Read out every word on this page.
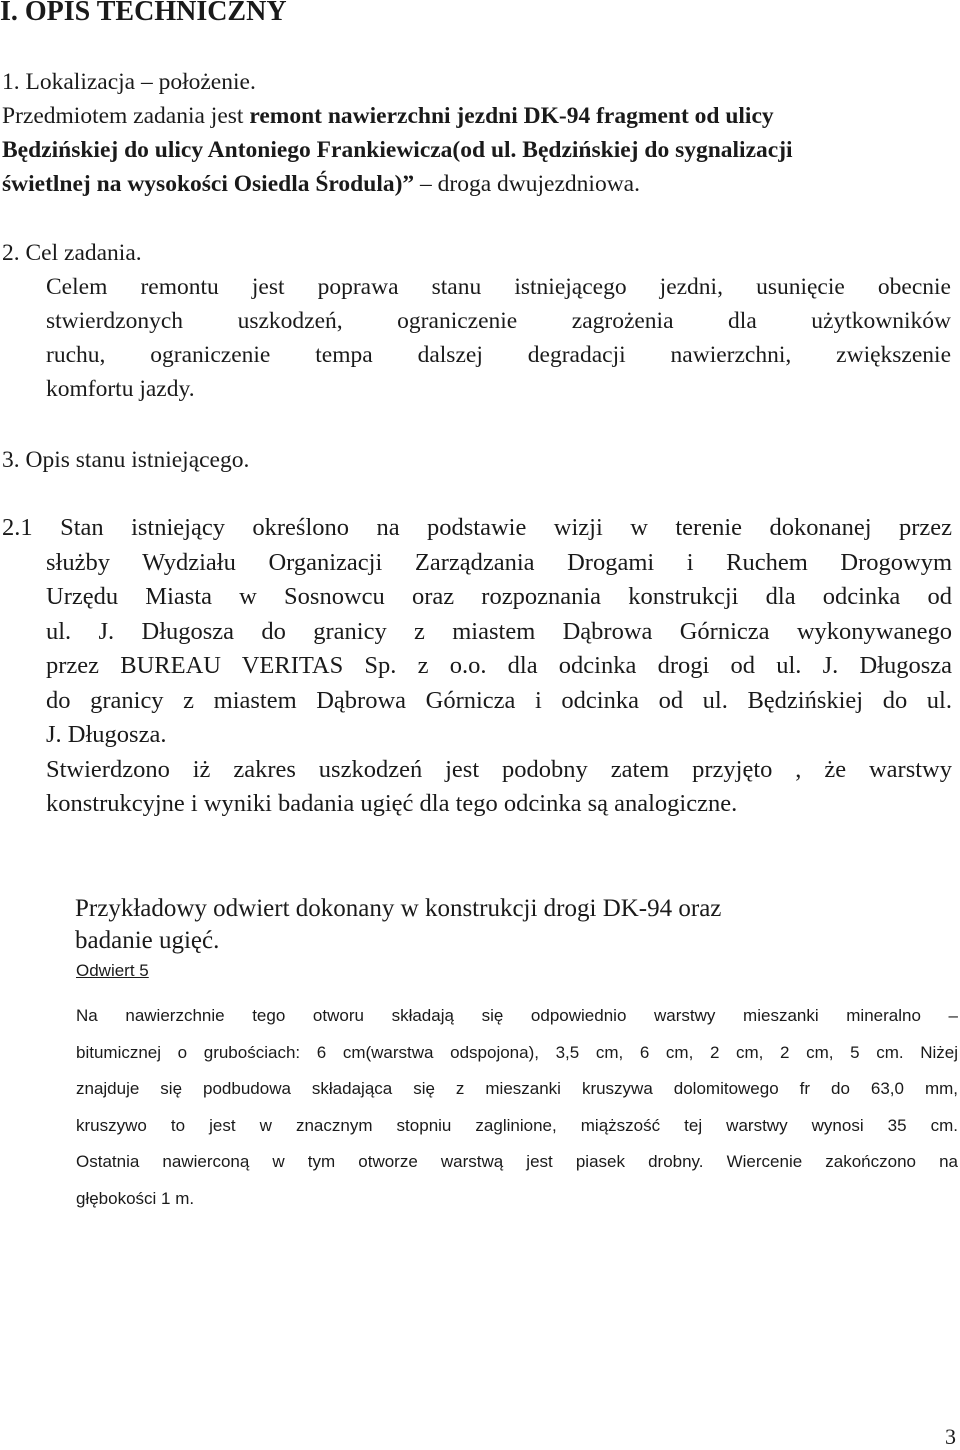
I. OPIS TECHNICZNY
1. Lokalizacja – położenie.
Przedmiotem zadania jest remont nawierzchni jezdni DK-94 fragment od ulicy
Będzińskiej do ulicy Antoniego Frankiewicza(od ul. Będzińskiej do sygnalizacji
świetlnej na wysokości Osiedla Środula)” – droga dwujezdniowa.
2. Cel zadania.
Celem remontu jest poprawa stanu istniejącego jezdni, usunięcie obecnie
stwierdzonych uszkodzeń, ograniczenie zagrożenia dla użytkowników
ruchu, ograniczenie tempa dalszej degradacji nawierzchni, zwiększenie
komfortu jazdy.
3. Opis stanu istniejącego.
2.1 Stan istniejący określono na podstawie wizji w terenie dokonanej przez
służby Wydziału Organizacji Zarządzania Drogami i Ruchem Drogowym
Urzędu Miasta w Sosnowcu oraz rozpoznania konstrukcji dla odcinka od
ul. J. Długosza do granicy z miastem Dąbrowa Górnicza wykonywanego
przez BUREAU VERITAS Sp. z o.o. dla odcinka drogi od ul. J. Długosza
do granicy z miastem Dąbrowa Górnicza i odcinka od ul. Będzińskiej do ul.
J. Długosza.
Stwierdzono iż zakres uszkodzeń jest podobny zatem przyjęto , że warstwy
konstrukcyjne i wyniki badania ugięć dla tego odcinka są analogiczne.
Przykładowy odwiert dokonany w konstrukcji drogi DK-94 oraz
badanie ugięć.
Odwiert 5
Na nawierzchnie tego otworu składają się odpowiednio warstwy mieszanki mineralno –
bitumicznej o grubościach: 6 cm(warstwa odspojona), 3,5 cm, 6 cm, 2 cm, 2 cm, 5 cm. Niżej
znajduje się podbudowa składająca się z mieszanki kruszywa dolomitowego fr do 63,0 mm,
kruszywo to jest w znacznym stopniu zaglinione, miąższość tej warstwy wynosi 35 cm.
Ostatnia nawierconą w tym otworze warstwą jest piasek drobny. Wiercenie zakończono na
głębokości 1 m.
3
